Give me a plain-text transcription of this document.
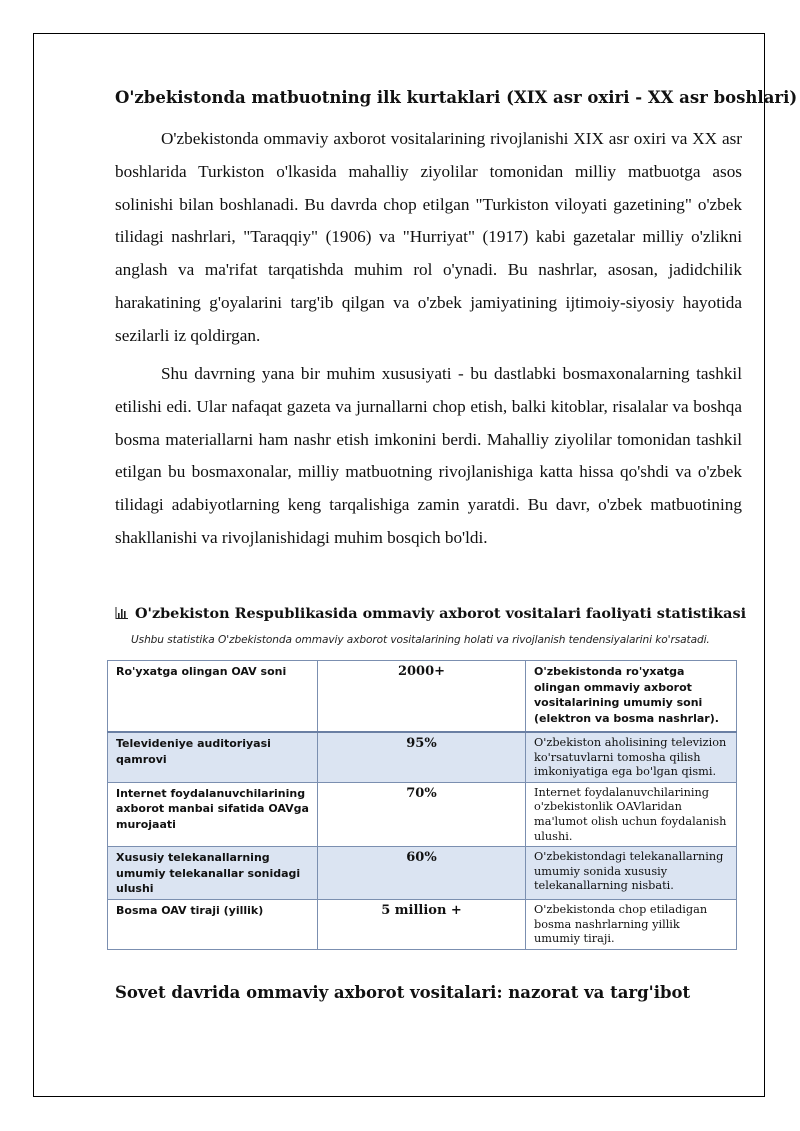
O'zbekistonda matbuotning ilk kurtaklari (XIX asr oxiri - XX asr boshlari)

O'zbekistonda ommaviy axborot vositalarining rivojlanishi XIX asr oxiri va XX asr boshlarida Turkiston o'lkasida mahalliy ziyolilar tomonidan milliy matbuotga asos solinishi bilan boshlanadi. Bu davrda chop etilgan "Turkiston viloyati gazetining" o'zbek tilidagi nashrlari, "Taraqqiy" (1906) va "Hurriyat" (1917) kabi gazetalar milliy o'zlikni anglash va ma'rifat tarqatishda muhim rol o'ynadi. Bu nashrlar, asosan, jadidchilik harakatining g'oyalarini targ'ib qilgan va o'zbek jamiyatining ijtimoiy-siyosiy hayotida sezilarli iz qoldirgan.

Shu davrning yana bir muhim xususiyati - bu dastlabki bosmaxonalarning tashkil etilishi edi. Ular nafaqat gazeta va jurnallarni chop etish, balki kitoblar, risalalar va boshqa bosma materiallarni ham nashr etish imkonini berdi. Mahalliy ziyolilar tomonidan tashkil etilgan bu bosmaxonalar, milliy matbuotning rivojlanishiga katta hissa qo'shdi va o'zbek tilidagi adabiyotlarning keng tarqalishiga zamin yaratdi. Bu davr, o'zbek matbuotining shakllanishi va rivojlanishidagi muhim bosqich bo'ldi.

O'zbekiston Respublikasida ommaviy axborot vositalari faoliyati statistikasi
Ushbu statistika O'zbekistonda ommaviy axborot vositalarining holati va rivojlanish tendensiyalarini ko'rsatadi.
Ro'yxatga olingan OAV soni	2000+	O'zbekistonda ro'yxatga olingan ommaviy axborot vositalarining umumiy soni (elektron va bosma nashrlar).
Televideniye auditoriyasi qamrovi	95%	O'zbekiston aholisining televizion ko'rsatuvlarni tomosha qilish imkoniyatiga ega bo'lgan qismi.
Internet foydalanuvchilarining axborot manbai sifatida OAVga murojaati	70%	Internet foydalanuvchilarining o'zbekistonlik OAVlaridan ma'lumot olish uchun foydalanish ulushi.
Xususiy telekanallarning umumiy telekanallar sonidagi ulushi	60%	O'zbekistondagi telekanallarning umumiy sonida xususiy telekanallarning nisbati.
Bosma OAV tiraji (yillik)	5 million +	O'zbekistonda chop etiladigan bosma nashrlarning yillik umumiy tiraji.
Sovet davrida ommaviy axborot vositalari: nazorat va targ'ibot
